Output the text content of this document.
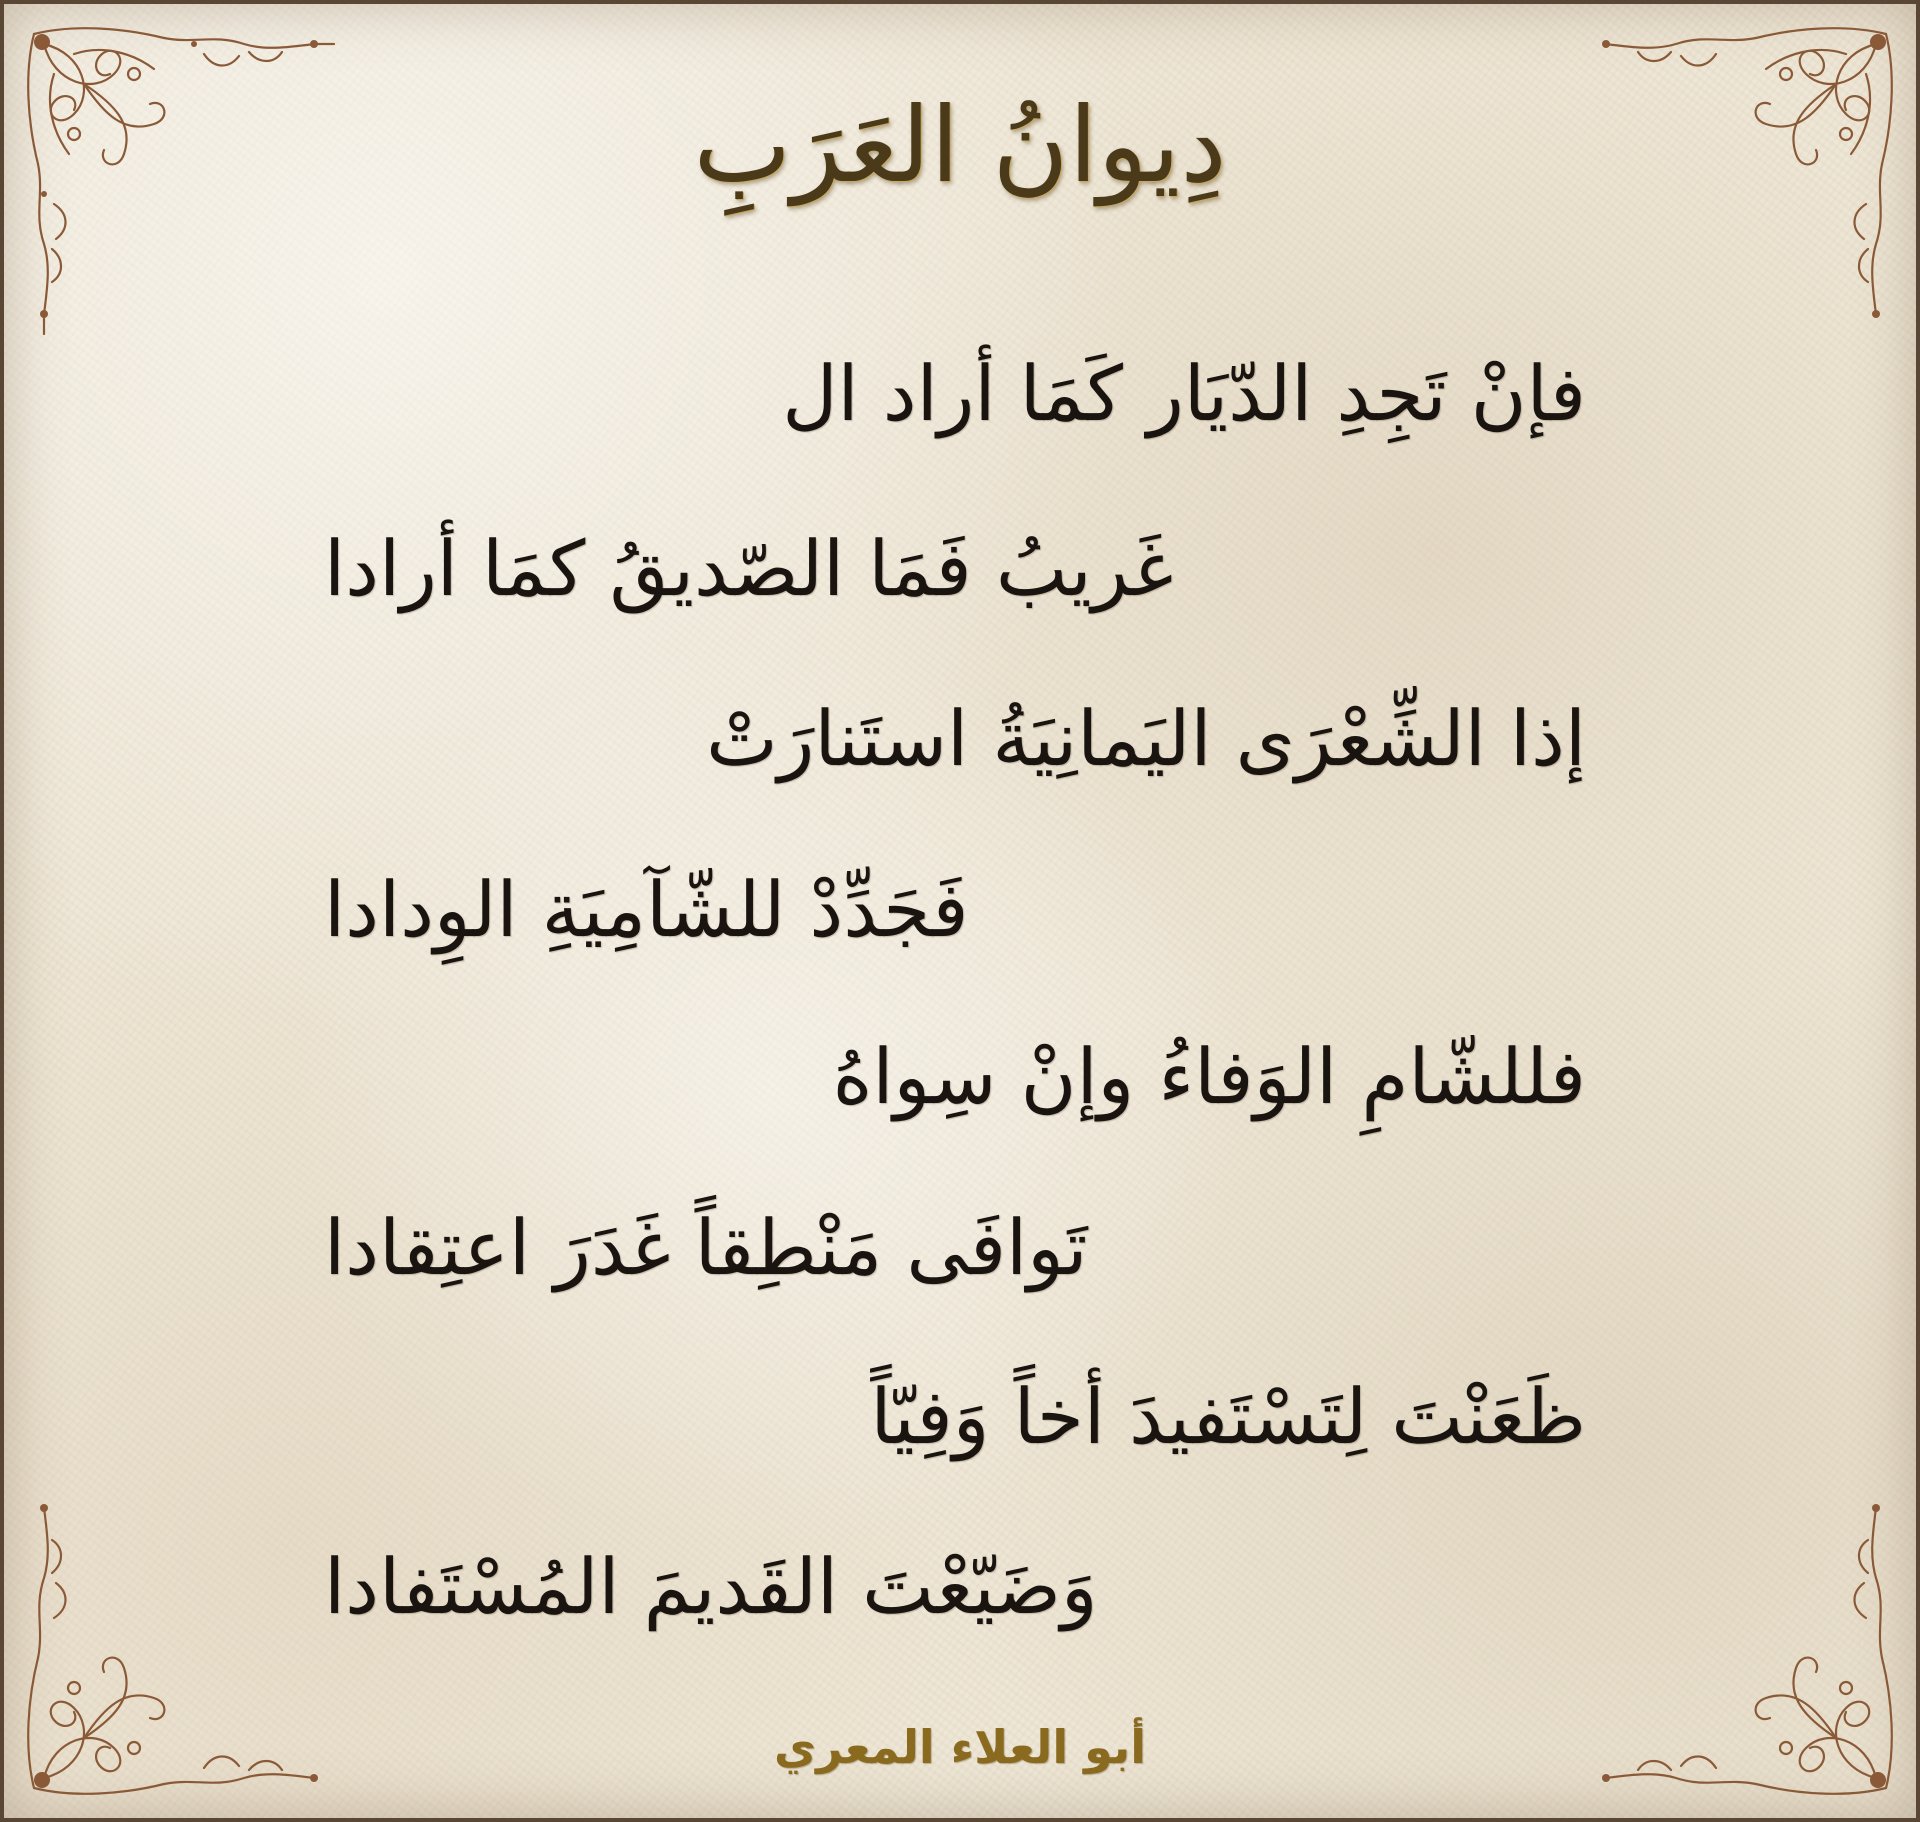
دِيوانُ العَرَبِ
فإنْ تَجِدِ الدّيَار كَمَا أراد ال
غَريبُ فَمَا الصّديقُ كمَا أرادا
إذا الشِّعْرَى اليَمانِيَةُ استَنارَتْ
فَجَدِّدْ للشّآمِيَةِ الوِدادا
فللشّامِ الوَفاءُ وإنْ سِواهُ
تَوافَى مَنْطِقاً غَدَرَ اعتِقادا
ظَعَنْتَ لِتَسْتَفيدَ أخاً وَفِيّاً
وَضَيّعْتَ القَديمَ المُسْتَفادا
أبو العلاء المعري
